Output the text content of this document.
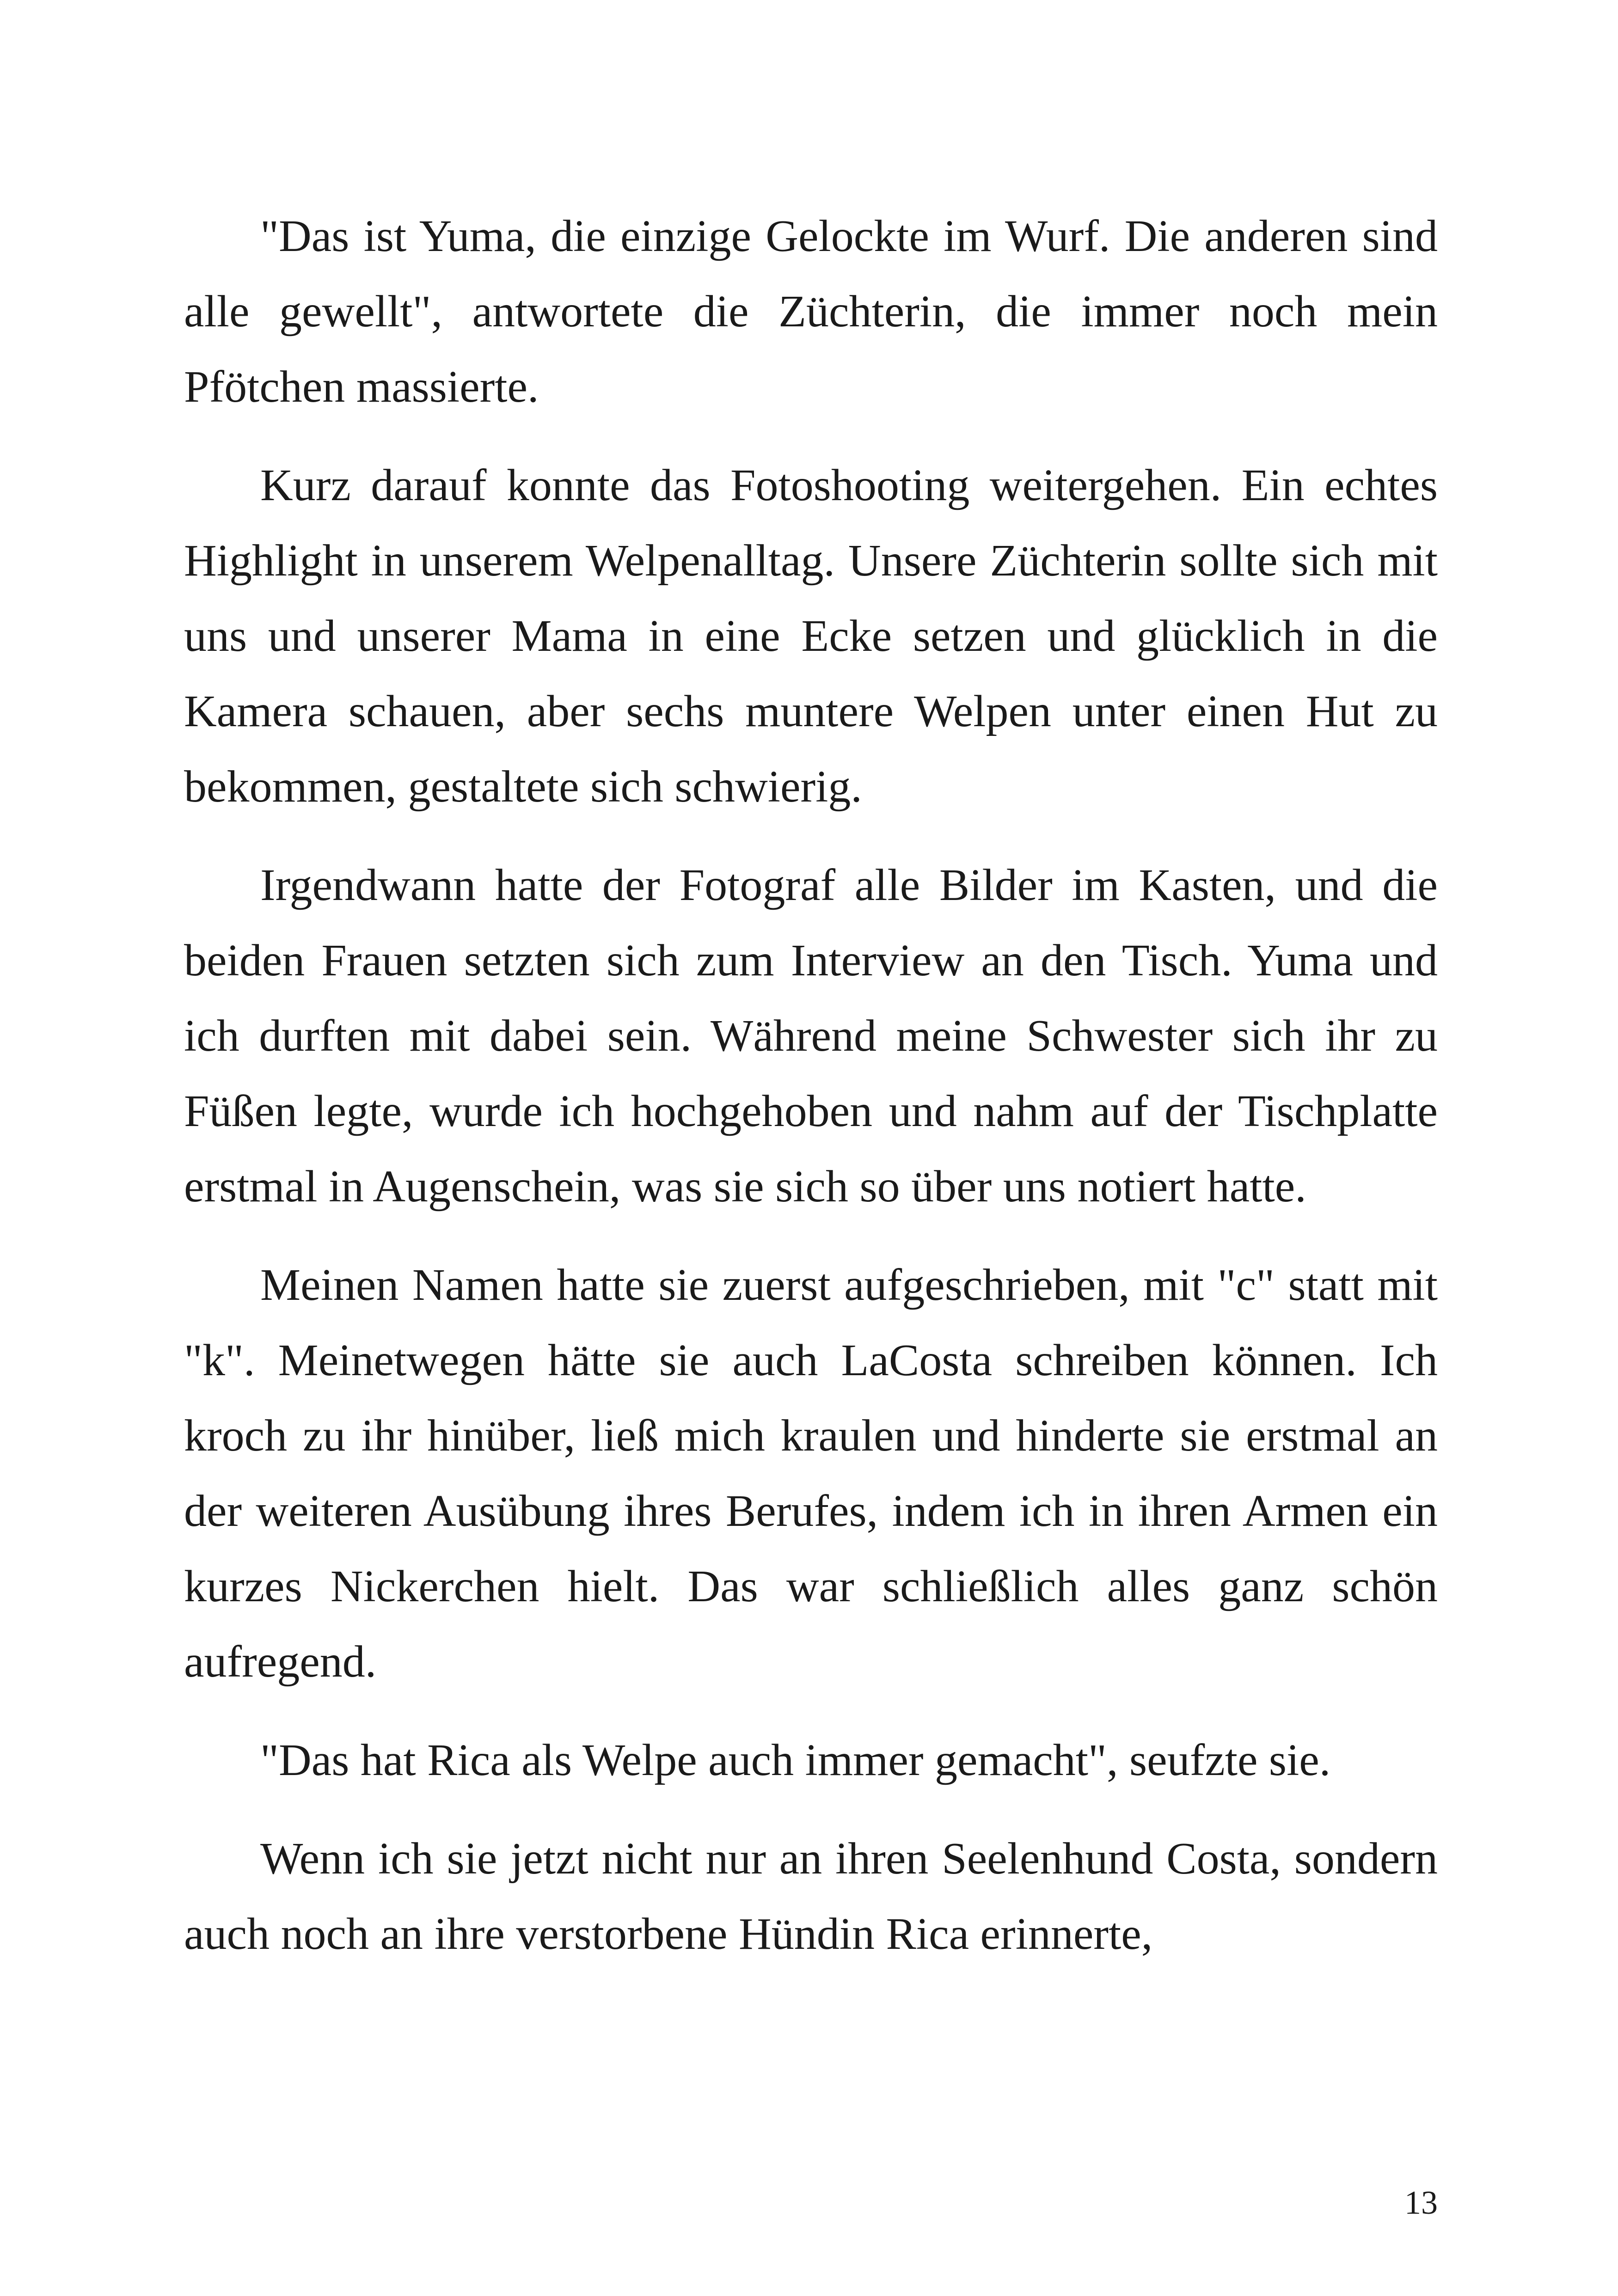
"Das ist Yuma, die einzige Gelockte im Wurf. Die anderen sind alle gewellt", antwortete die Züchterin, die immer noch mein Pfötchen massierte.

Kurz darauf konnte das Fotoshooting weitergehen. Ein echtes Highlight in unserem Welpenalltag. Unsere Züchterin sollte sich mit uns und unserer Mama in eine Ecke setzen und glücklich in die Kamera schauen, aber sechs muntere Welpen unter einen Hut zu bekommen, gestaltete sich schwierig.

Irgendwann hatte der Fotograf alle Bilder im Kasten, und die beiden Frauen setzten sich zum Interview an den Tisch. Yuma und ich durften mit dabei sein. Während meine Schwester sich ihr zu Füßen legte, wurde ich hochgehoben und nahm auf der Tischplatte erstmal in Augenschein, was sie sich so über uns notiert hatte.

Meinen Namen hatte sie zuerst aufgeschrieben, mit "c" statt mit "k". Meinetwegen hätte sie auch LaCosta schreiben können. Ich kroch zu ihr hinüber, ließ mich kraulen und hinderte sie erstmal an der weiteren Ausübung ihres Berufes, indem ich in ihren Armen ein kurzes Nickerchen hielt. Das war schließlich alles ganz schön aufregend.

"Das hat Rica als Welpe auch immer gemacht", seufzte sie.

Wenn ich sie jetzt nicht nur an ihren Seelenhund Costa, sondern auch noch an ihre verstorbene Hündin Rica erinnerte,

13
